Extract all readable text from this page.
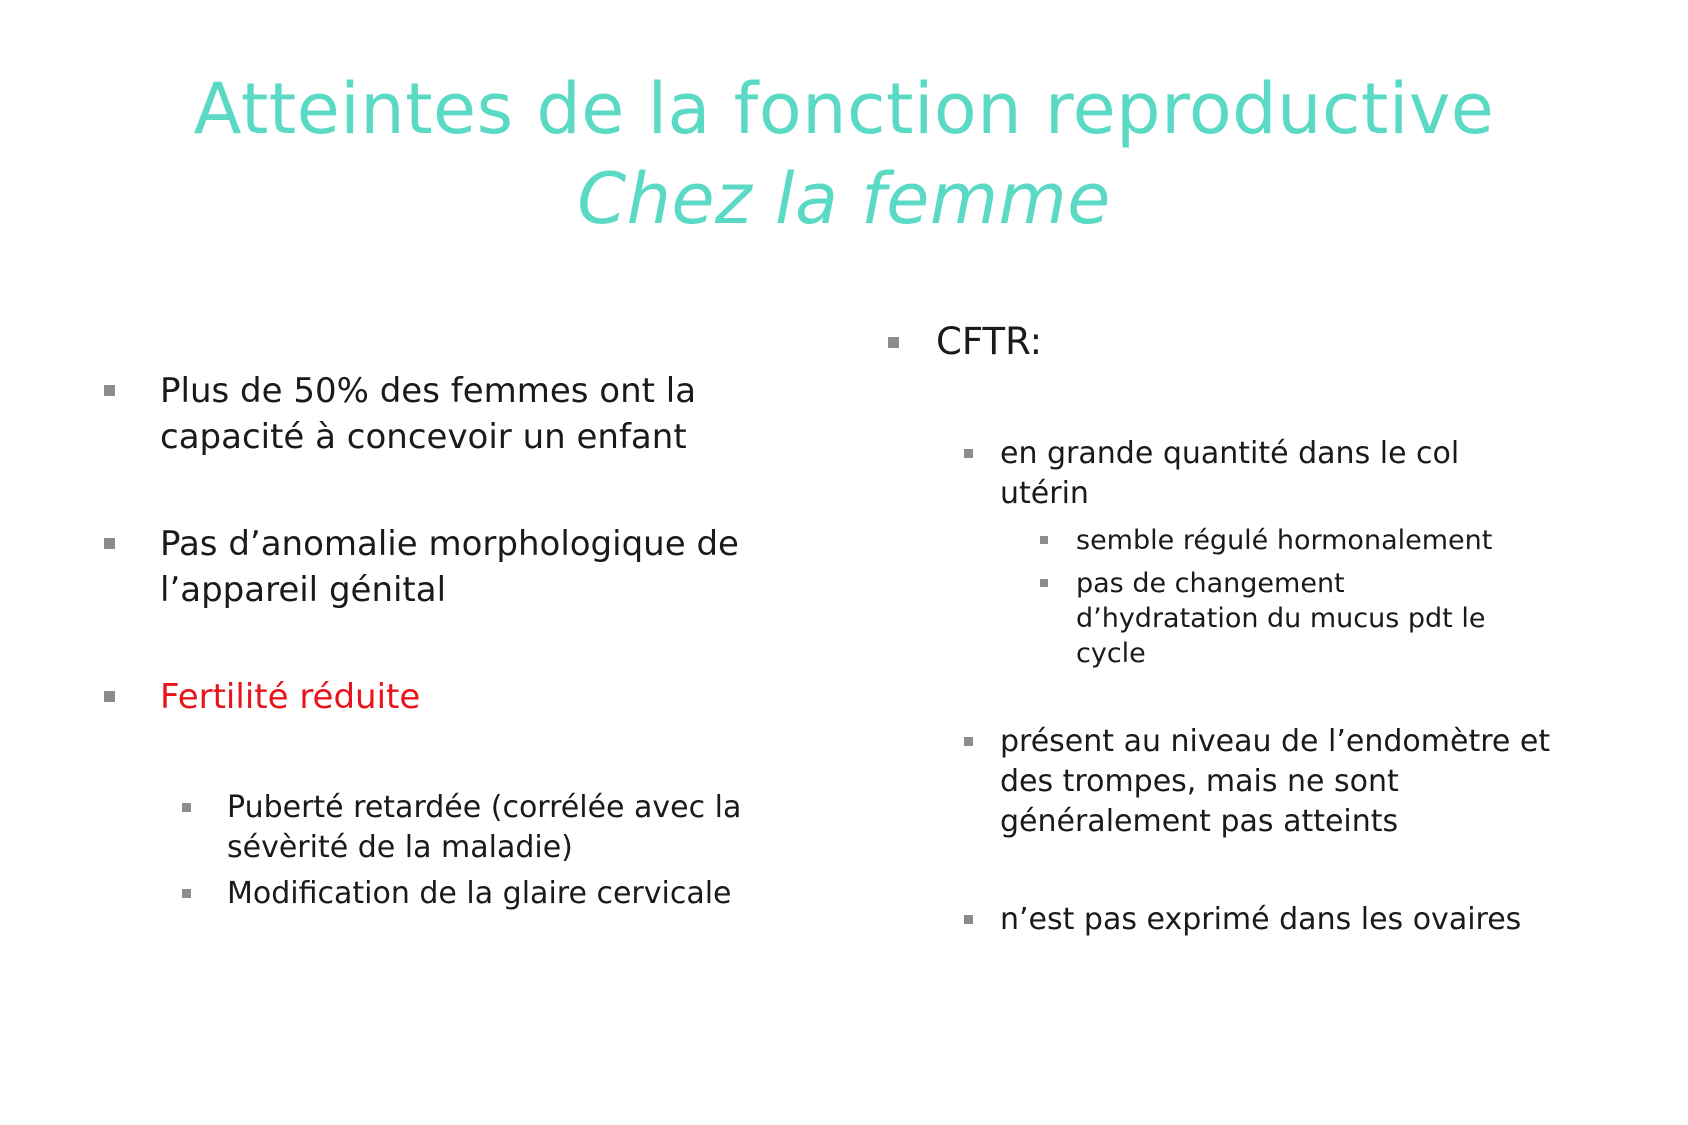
Atteintes de la fonction reproductive
Chez la femme
Plus de 50% des femmes ont la capacité à concevoir un enfant
Pas d’anomalie morphologique de l’appareil génital
Fertilité réduite
Puberté retardée (corrélée avec la sévèrité de la maladie)
Modification de la glaire cervicale
CFTR:
en grande quantité dans le col utérin
semble régulé hormonalement
pas de changement d’hydratation du mucus pdt le cycle
présent au niveau de l’endomètre et des trompes, mais ne sont généralement pas atteints
n’est pas exprimé dans les ovaires
